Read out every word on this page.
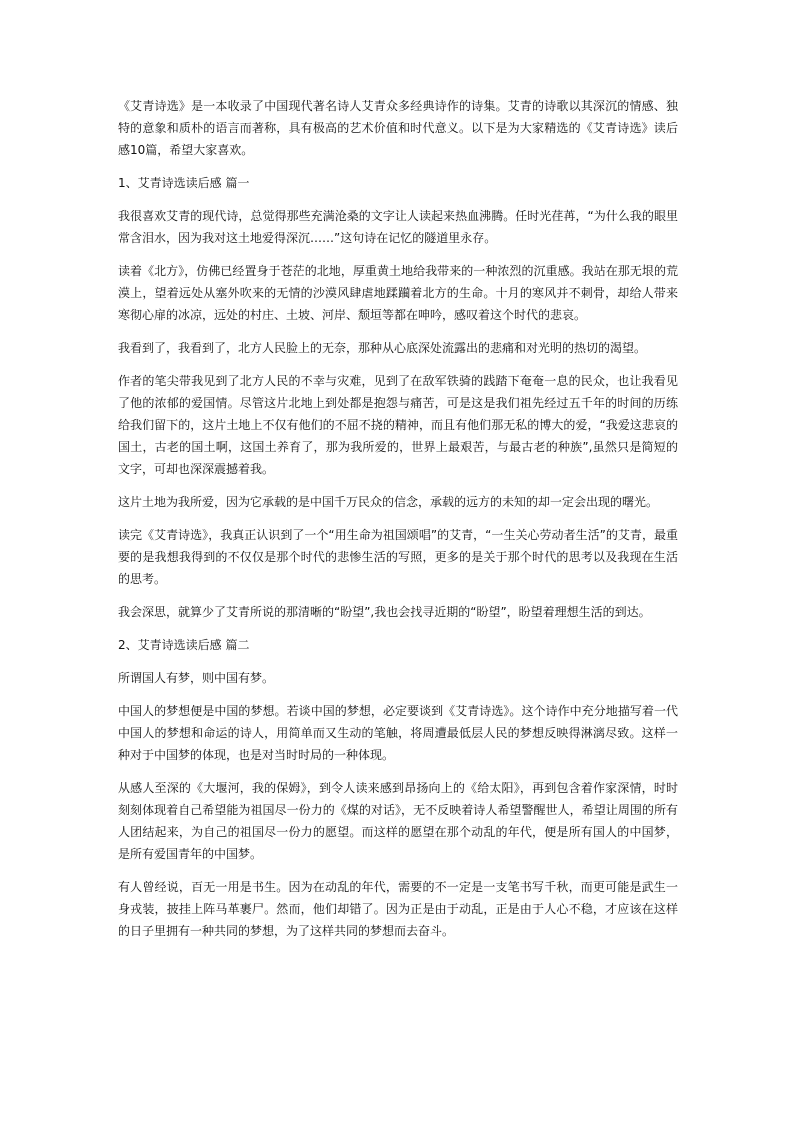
《艾青诗选》是一本收录了中国现代著名诗人艾青众多经典诗作的诗集。艾青的诗歌以其深沉的情感、独特的意象和质朴的语言而著称，具有极高的艺术价值和时代意义。以下是为大家精选的《艾青诗选》读后感10篇，希望大家喜欢。

1、艾青诗选读后感 篇一

我很喜欢艾青的现代诗，总觉得那些充满沧桑的文字让人读起来热血沸腾。任时光荏苒，“为什么我的眼里常含泪水，因为我对这土地爱得深沉……”这句诗在记忆的隧道里永存。

读着《北方》，仿佛已经置身于苍茫的北地，厚重黄土地给我带来的一种浓烈的沉重感。我站在那无垠的荒漠上，望着远处从塞外吹来的无情的沙漠风肆虐地蹂躏着北方的生命。十月的寒风并不刺骨，却给人带来寒彻心扉的冰凉，远处的村庄、土坡、河岸、颓垣等都在呻吟，感叹着这个时代的悲哀。

我看到了，我看到了，北方人民脸上的无奈，那种从心底深处流露出的悲痛和对光明的热切的渴望。

作者的笔尖带我见到了北方人民的不幸与灾难，见到了在敌军铁骑的践踏下奄奄一息的民众，也让我看见了他的浓郁的爱国情。尽管这片北地上到处都是抱怨与痛苦，可是这是我们祖先经过五千年的时间的历练给我们留下的，这片土地上不仅有他们的不屈不挠的精神，而且有他们那无私的博大的爱，“我爱这悲哀的国土，古老的国土啊，这国土养育了，那为我所爱的，世界上最艰苦，与最古老的种族”,虽然只是简短的文字，可却也深深震撼着我。

这片土地为我所爱，因为它承载的是中国千万民众的信念，承载的远方的未知的却一定会出现的曙光。

读完《艾青诗选》，我真正认识到了一个“用生命为祖国颂唱”的艾青，“一生关心劳动者生活”的艾青，最重要的是我想我得到的不仅仅是那个时代的悲惨生活的写照，更多的是关于那个时代的思考以及我现在生活的思考。

我会深思，就算少了艾青所说的那清晰的“盼望”,我也会找寻近期的“盼望”，盼望着理想生活的到达。

2、艾青诗选读后感 篇二

所谓国人有梦，则中国有梦。

中国人的梦想便是中国的梦想。若谈中国的梦想，必定要谈到《艾青诗选》。这个诗作中充分地描写着一代中国人的梦想和命运的诗人，用简单而又生动的笔触，将周遭最低层人民的梦想反映得淋漓尽致。这样一种对于中国梦的体现，也是对当时时局的一种体现。

从感人至深的《大堰河，我的保姆》，到令人读来感到昂扬向上的《给太阳》，再到包含着作家深情，时时刻刻体现着自己希望能为祖国尽一份力的《煤的对话》，无不反映着诗人希望警醒世人，希望让周围的所有人团结起来，为自己的祖国尽一份力的愿望。而这样的愿望在那个动乱的年代，便是所有国人的中国梦，是所有爱国青年的中国梦。

有人曾经说，百无一用是书生。因为在动乱的年代，需要的不一定是一支笔书写千秋，而更可能是武生一身戎装，披挂上阵马革裹尸。然而，他们却错了。因为正是由于动乱，正是由于人心不稳，才应该在这样的日子里拥有一种共同的梦想，为了这样共同的梦想而去奋斗。
